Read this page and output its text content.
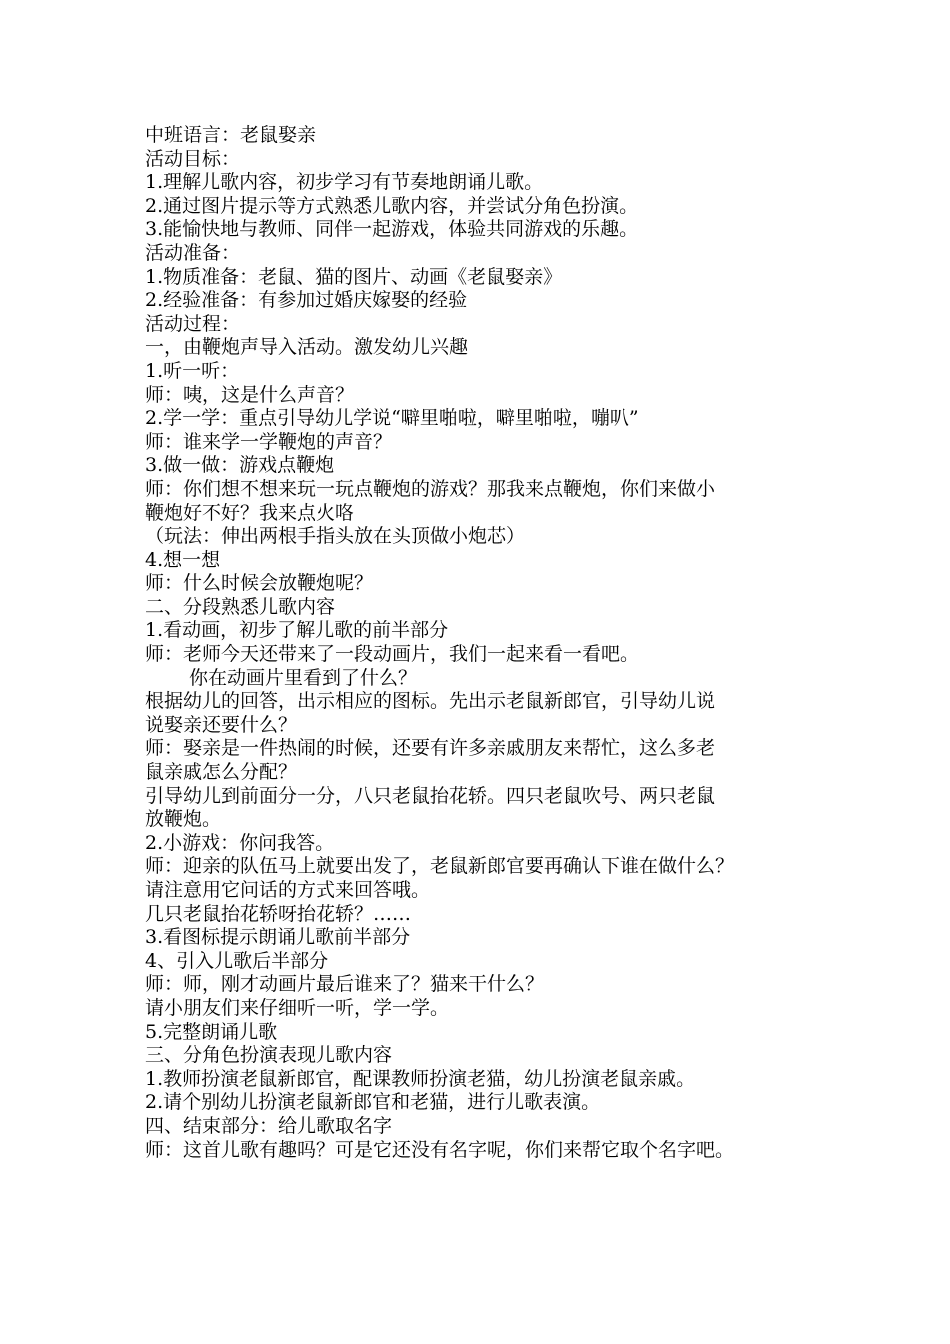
中班语言：老鼠娶亲

活动目标：

1.理解儿歌内容，初步学习有节奏地朗诵儿歌。

2.通过图片提示等方式熟悉儿歌内容，并尝试分角色扮演。

3.能愉快地与教师、同伴一起游戏，体验共同游戏的乐趣。

活动准备：

1.物质准备：老鼠、猫的图片、动画《老鼠娶亲》

2.经验准备：有参加过婚庆嫁娶的经验

活动过程：

一，由鞭炮声导入活动。激发幼儿兴趣

1.听一听：

师：咦，这是什么声音？

2.学一学：重点引导幼儿学说“噼里啪啦，噼里啪啦，嘣叭”

师：谁来学一学鞭炮的声音？

3.做一做：游戏点鞭炮

师：你们想不想来玩一玩点鞭炮的游戏？那我来点鞭炮，你们来做小

鞭炮好不好？我来点火咯

（玩法：伸出两根手指头放在头顶做小炮芯）

4.想一想

师：什么时候会放鞭炮呢？

二、分段熟悉儿歌内容

1.看动画，初步了解儿歌的前半部分

师：老师今天还带来了一段动画片，我们一起来看一看吧。

你在动画片里看到了什么？

根据幼儿的回答，出示相应的图标。先出示老鼠新郎官，引导幼儿说

说娶亲还要什么？

师：娶亲是一件热闹的时候，还要有许多亲戚朋友来帮忙，这么多老

鼠亲戚怎么分配？

引导幼儿到前面分一分，八只老鼠抬花轿。四只老鼠吹号、两只老鼠

放鞭炮。

2.小游戏：你问我答。

师：迎亲的队伍马上就要出发了，老鼠新郎官要再确认下谁在做什么？

请注意用它问话的方式来回答哦。

几只老鼠抬花轿呀抬花轿？……

3.看图标提示朗诵儿歌前半部分

4、引入儿歌后半部分

师：师，刚才动画片最后谁来了？猫来干什么？

请小朋友们来仔细听一听，学一学。

5.完整朗诵儿歌

三、分角色扮演表现儿歌内容

1.教师扮演老鼠新郎官，配课教师扮演老猫，幼儿扮演老鼠亲戚。

2.请个别幼儿扮演老鼠新郎官和老猫，进行儿歌表演。

四、结束部分：给儿歌取名字

师：这首儿歌有趣吗？可是它还没有名字呢，你们来帮它取个名字吧。
